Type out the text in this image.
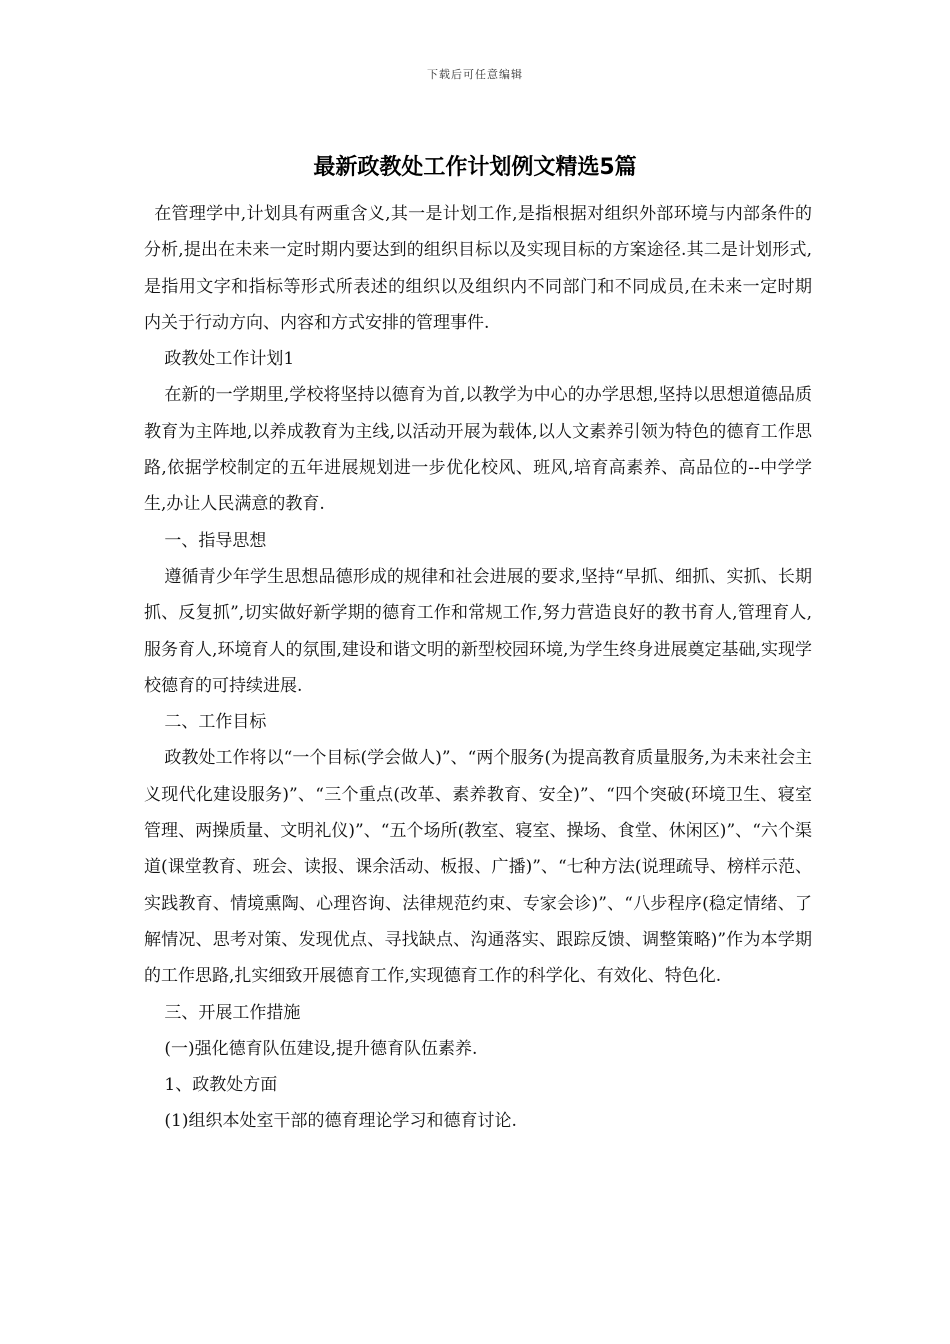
下载后可任意编辑
最新政教处工作计划例文精选5篇

在管理学中,计划具有两重含义,其一是计划工作,是指根据对组织外部环境与内部条件的分析,提出在未来一定时期内要达到的组织目标以及实现目标的方案途径.其二是计划形式,是指用文字和指标等形式所表述的组织以及组织内不同部门和不同成员,在未来一定时期内关于行动方向、内容和方式安排的管理事件.

政教处工作计划1

在新的一学期里,学校将坚持以德育为首,以教学为中心的办学思想,坚持以思想道德品质教育为主阵地,以养成教育为主线,以活动开展为载体,以人文素养引领为特色的德育工作思路,依据学校制定的五年进展规划进一步优化校风、班风,培育高素养、高品位的--中学学生,办让人民满意的教育.

一、指导思想

遵循青少年学生思想品德形成的规律和社会进展的要求,坚持“早抓、细抓、实抓、长期抓、反复抓”,切实做好新学期的德育工作和常规工作,努力营造良好的教书育人,管理育人,服务育人,环境育人的氛围,建设和谐文明的新型校园环境,为学生终身进展奠定基础,实现学校德育的可持续进展.

二、工作目标

政教处工作将以“一个目标(学会做人)”、“两个服务(为提高教育质量服务,为未来社会主义现代化建设服务)”、“三个重点(改革、素养教育、安全)”、“四个突破(环境卫生、寝室管理、两操质量、文明礼仪)”、“五个场所(教室、寝室、操场、食堂、休闲区)”、“六个渠道(课堂教育、班会、读报、课余活动、板报、广播)”、“七种方法(说理疏导、榜样示范、实践教育、情境熏陶、心理咨询、法律规范约束、专家会诊)”、“八步程序(稳定情绪、了解情况、思考对策、发现优点、寻找缺点、沟通落实、跟踪反馈、调整策略)”作为本学期的工作思路,扎实细致开展德育工作,实现德育工作的科学化、有效化、特色化.

三、开展工作措施

(一)强化德育队伍建设,提升德育队伍素养.

1、政教处方面

(1)组织本处室干部的德育理论学习和德育讨论.
